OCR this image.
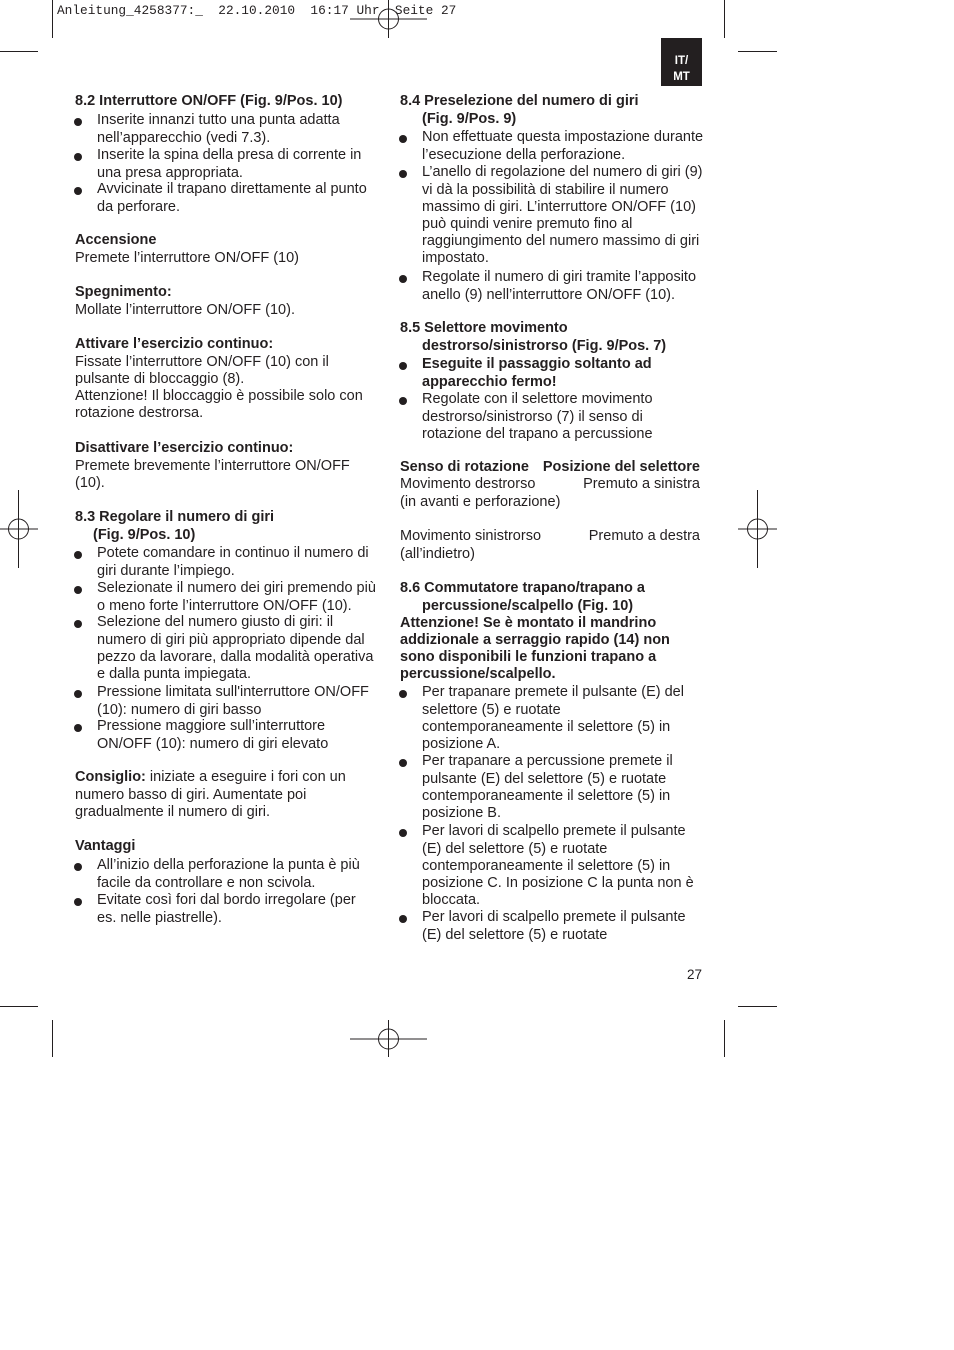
Anleitung_4258377:_  22.10.2010  16:17 Uhr  Seite 27
IT/
MT
8.2 Interruttore ON/OFF (Fig. 9/Pos. 10)
Inserite innanzi tutto una punta adatta
nell’apparecchio (vedi 7.3).
Inserite la spina della presa di corrente in
una presa appropriata.
Avvicinate il trapano direttamente al punto
da perforare.
Accensione
Premete l’interruttore ON/OFF (10)
Spegnimento:
Mollate l’interruttore ON/OFF (10).
Attivare l’esercizio continuo:
Fissate l’interruttore ON/OFF (10) con il
pulsante di bloccaggio (8).
Attenzione! Il bloccaggio è possibile solo con
rotazione destrorsa.
Disattivare l’esercizio continuo:
Premete brevemente l’interruttore ON/OFF
(10).
8.3 Regolare il numero di giri
(Fig. 9/Pos. 10)
Potete comandare in continuo il numero di
giri durante l’impiego.
Selezionate il numero dei giri premendo più
o meno forte l’interruttore ON/OFF (10).
Selezione del numero giusto di giri: il
numero di giri più appropriato dipende dal
pezzo da lavorare, dalla modalità operativa
e dalla punta impiegata.
Pressione limitata sull'interruttore ON/OFF
(10): numero di giri basso
Pressione maggiore sull’interruttore
ON/OFF (10): numero di giri elevato
Consiglio: iniziate a eseguire i fori con un
numero basso di giri. Aumentate poi
gradualmente il numero di giri.
Vantaggi
All’inizio della perforazione la punta è più
facile da controllare e non scivola.
Evitate così fori dal bordo irregolare (per
es. nelle piastrelle).
8.4 Preselezione del numero di giri
(Fig. 9/Pos. 9)
Non effettuate questa impostazione durante
l’esecuzione della perforazione.
L’anello di regolazione del numero di giri (9)
vi dà la possibilità di stabilire il numero
massimo di giri. L’interruttore ON/OFF (10)
può quindi venire premuto fino al
raggiungimento del numero massimo di giri
impostato.
Regolate il numero di giri tramite l’apposito
anello (9) nell’interruttore ON/OFF (10).
8.5 Selettore movimento
destrorso/sinistrorso (Fig. 9/Pos. 7)
Eseguite il passaggio soltanto ad
apparecchio fermo!
Regolate con il selettore movimento
destrorso/sinistrorso (7) il senso di
rotazione del trapano a percussione
Senso di rotazione Posizione del selettore
Movimento destrorso	Premuto a sinistra
(in avanti e perforazione)
Movimento sinistrorso	Premuto a destra
(all’indietro)
8.6 Commutatore trapano/trapano a
percussione/scalpello (Fig. 10)
Attenzione! Se è montato il mandrino
addizionale a serraggio rapido (14) non
sono disponibili le funzioni trapano a
percussione/scalpello.
Per trapanare premete il pulsante (E) del
selettore (5) e ruotate
contemporaneamente il selettore (5) in
posizione A.
Per trapanare a percussione premete il
pulsante (E) del selettore (5) e ruotate
contemporaneamente il selettore (5) in
posizione B.
Per lavori di scalpello premete il pulsante
(E) del selettore (5) e ruotate
contemporaneamente il selettore (5) in
posizione C. In posizione C la punta non è
bloccata.
Per lavori di scalpello premete il pulsante
(E) del selettore (5) e ruotate
27
